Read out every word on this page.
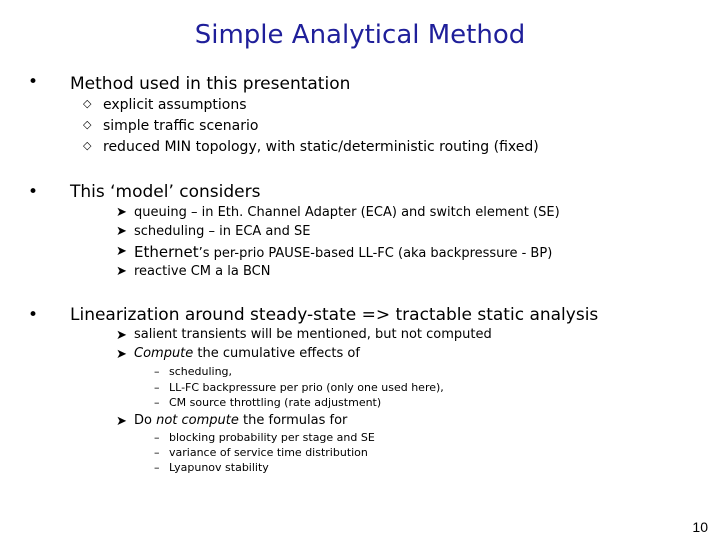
Simple Analytical Method
• Method used in this presentation
◇ explicit assumptions
◇ simple traffic scenario
◇ reduced MIN topology, with static/deterministic routing (fixed)
• This ‘model’ considers
➤ queuing – in Eth. Channel Adapter (ECA) and switch element (SE)
➤ scheduling – in ECA and SE
➤ Ethernet’s per-prio PAUSE-based LL-FC (aka backpressure - BP)
➤ reactive CM a la BCN
• Linearization around steady-state => tractable static analysis
➤ salient transients will be mentioned, but not computed
➤ Compute the cumulative effects of
– scheduling,
– LL-FC backpressure per prio (only one used here),
– CM source throttling (rate adjustment)
➤ Do not compute the formulas for
– blocking probability per stage and SE
– variance of service time distribution
– Lyapunov stability
10
